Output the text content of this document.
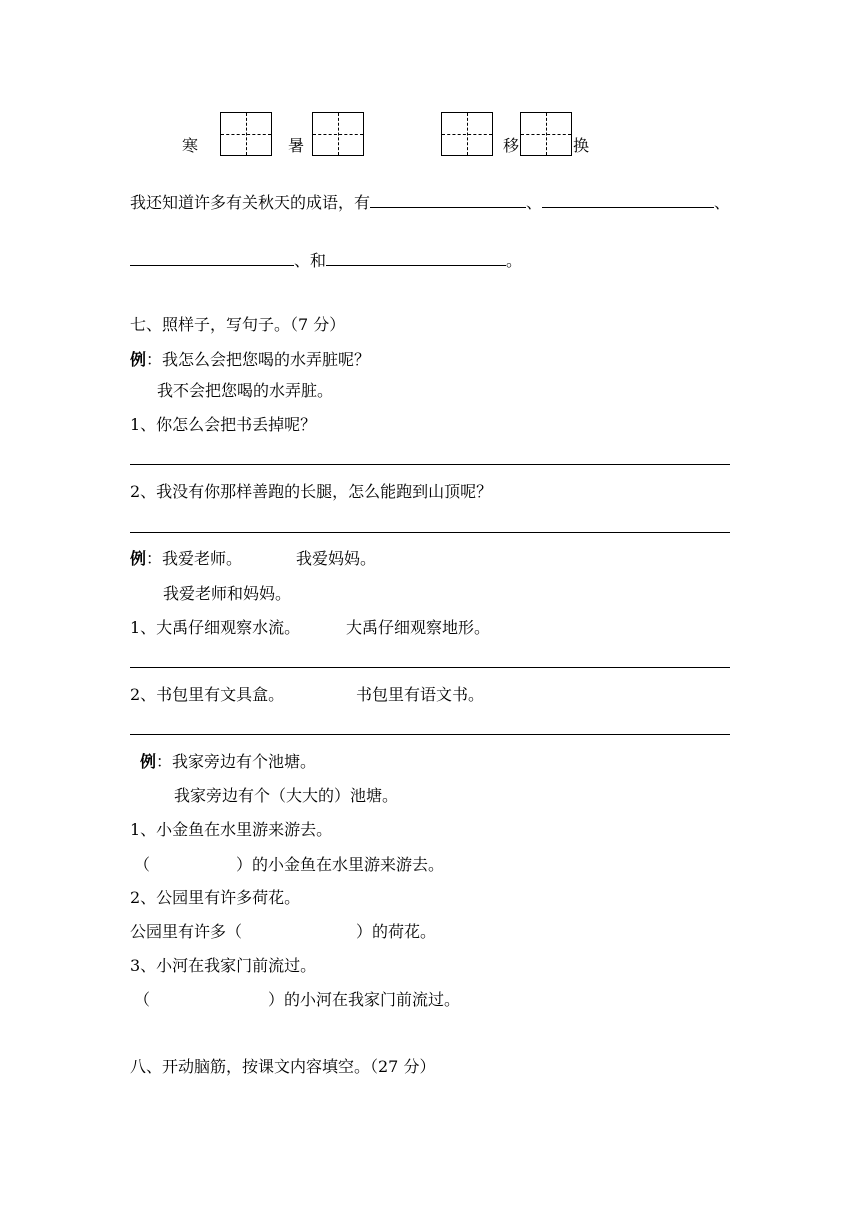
寒	暑	移	换
我还知道许多有关秋天的成语，有	、	、
、和	。
七、照样子，写句子。（7 分）
例：我怎么会把您喝的水弄脏呢？
我不会把您喝的水弄脏。
1、你怎么会把书丢掉呢？
2、我没有你那样善跑的长腿，怎么能跑到山顶呢？
例：我爱老师。	我爱妈妈。
我爱老师和妈妈。
1、大禹仔细观察水流。	大禹仔细观察地形。
2、书包里有文具盒。	书包里有语文书。
例：我家旁边有个池塘。
我家旁边有个（大大的）池塘。
1、小金鱼在水里游来游去。
（	）的小金鱼在水里游来游去。
2、公园里有许多荷花。
公园里有许多（	）的荷花。
3、小河在我家门前流过。
（	）的小河在我家门前流过。
八、开动脑筋，按课文内容填空。（27 分）
